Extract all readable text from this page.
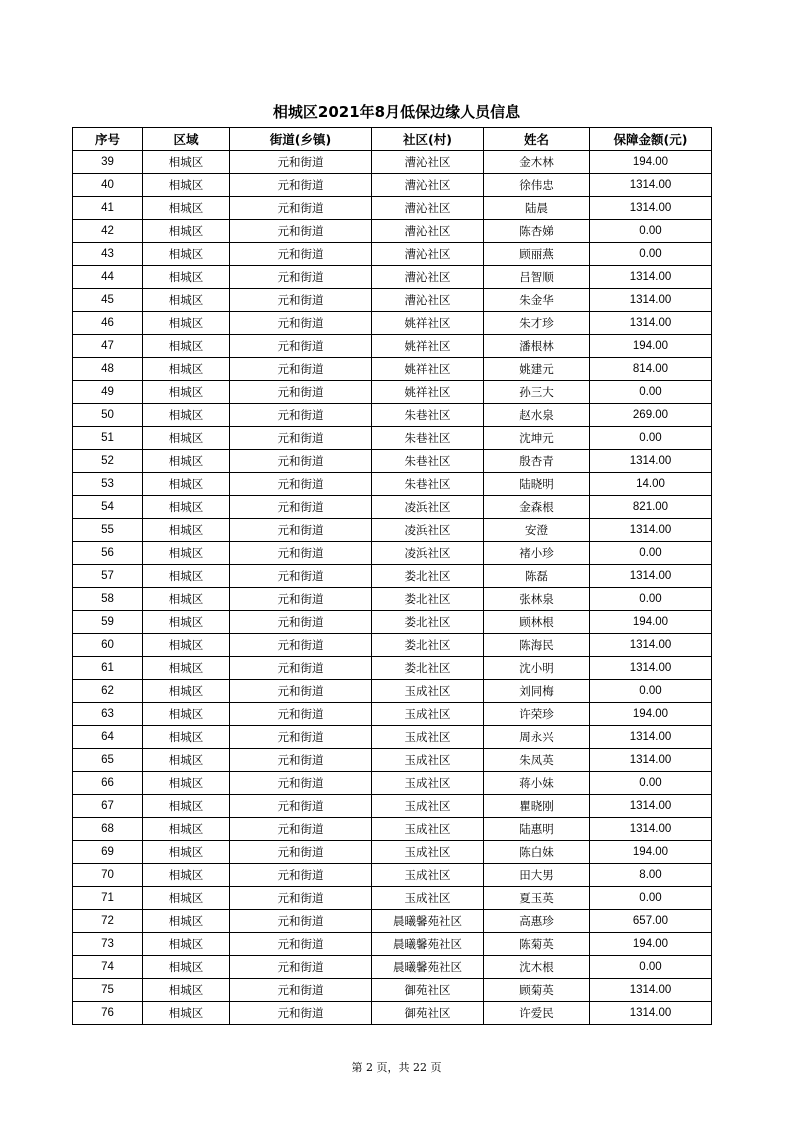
相城区2021年8月低保边缘人员信息
序号	区域	街道(乡镇)	社区(村)	姓名	保障金额(元)
39	相城区	元和街道	漕沁社区	金木林	194.00
40	相城区	元和街道	漕沁社区	徐伟忠	1314.00
41	相城区	元和街道	漕沁社区	陆晨	1314.00
42	相城区	元和街道	漕沁社区	陈杏娣	0.00
43	相城区	元和街道	漕沁社区	顾丽燕	0.00
44	相城区	元和街道	漕沁社区	吕智顺	1314.00
45	相城区	元和街道	漕沁社区	朱金华	1314.00
46	相城区	元和街道	姚祥社区	朱才珍	1314.00
47	相城区	元和街道	姚祥社区	潘根林	194.00
48	相城区	元和街道	姚祥社区	姚建元	814.00
49	相城区	元和街道	姚祥社区	孙三大	0.00
50	相城区	元和街道	朱巷社区	赵水泉	269.00
51	相城区	元和街道	朱巷社区	沈坤元	0.00
52	相城区	元和街道	朱巷社区	殷杏青	1314.00
53	相城区	元和街道	朱巷社区	陆晓明	14.00
54	相城区	元和街道	凌浜社区	金森根	821.00
55	相城区	元和街道	凌浜社区	安澄	1314.00
56	相城区	元和街道	凌浜社区	褚小珍	0.00
57	相城区	元和街道	娄北社区	陈磊	1314.00
58	相城区	元和街道	娄北社区	张林泉	0.00
59	相城区	元和街道	娄北社区	顾林根	194.00
60	相城区	元和街道	娄北社区	陈海民	1314.00
61	相城区	元和街道	娄北社区	沈小明	1314.00
62	相城区	元和街道	玉成社区	刘同梅	0.00
63	相城区	元和街道	玉成社区	许荣珍	194.00
64	相城区	元和街道	玉成社区	周永兴	1314.00
65	相城区	元和街道	玉成社区	朱凤英	1314.00
66	相城区	元和街道	玉成社区	蒋小妹	0.00
67	相城区	元和街道	玉成社区	瞿晓刚	1314.00
68	相城区	元和街道	玉成社区	陆惠明	1314.00
69	相城区	元和街道	玉成社区	陈白妹	194.00
70	相城区	元和街道	玉成社区	田大男	8.00
71	相城区	元和街道	玉成社区	夏玉英	0.00
72	相城区	元和街道	晨曦馨苑社区	高惠珍	657.00
73	相城区	元和街道	晨曦馨苑社区	陈菊英	194.00
74	相城区	元和街道	晨曦馨苑社区	沈木根	0.00
75	相城区	元和街道	御苑社区	顾菊英	1314.00
76	相城区	元和街道	御苑社区	许爱民	1314.00
第 2 页，共 22 页
